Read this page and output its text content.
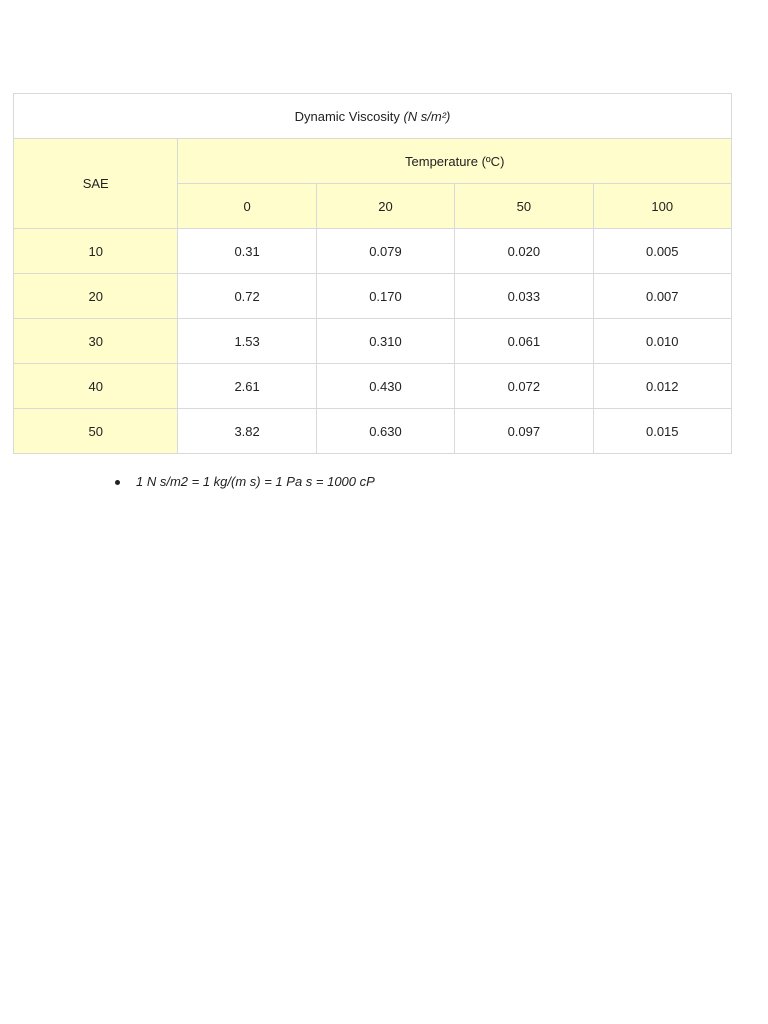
Dynamic Viscosity (N s/m²)				
SAE	Temperature (ºC)			
	0	20	50	100
10	0.31	0.079	0.020	0.005
20	0.72	0.170	0.033	0.007
30	1.53	0.310	0.061	0.010
40	2.61	0.430	0.072	0.012
50	3.82	0.630	0.097	0.015
1 N s/m2 = 1 kg/(m s) = 1 Pa s = 1000 cP
